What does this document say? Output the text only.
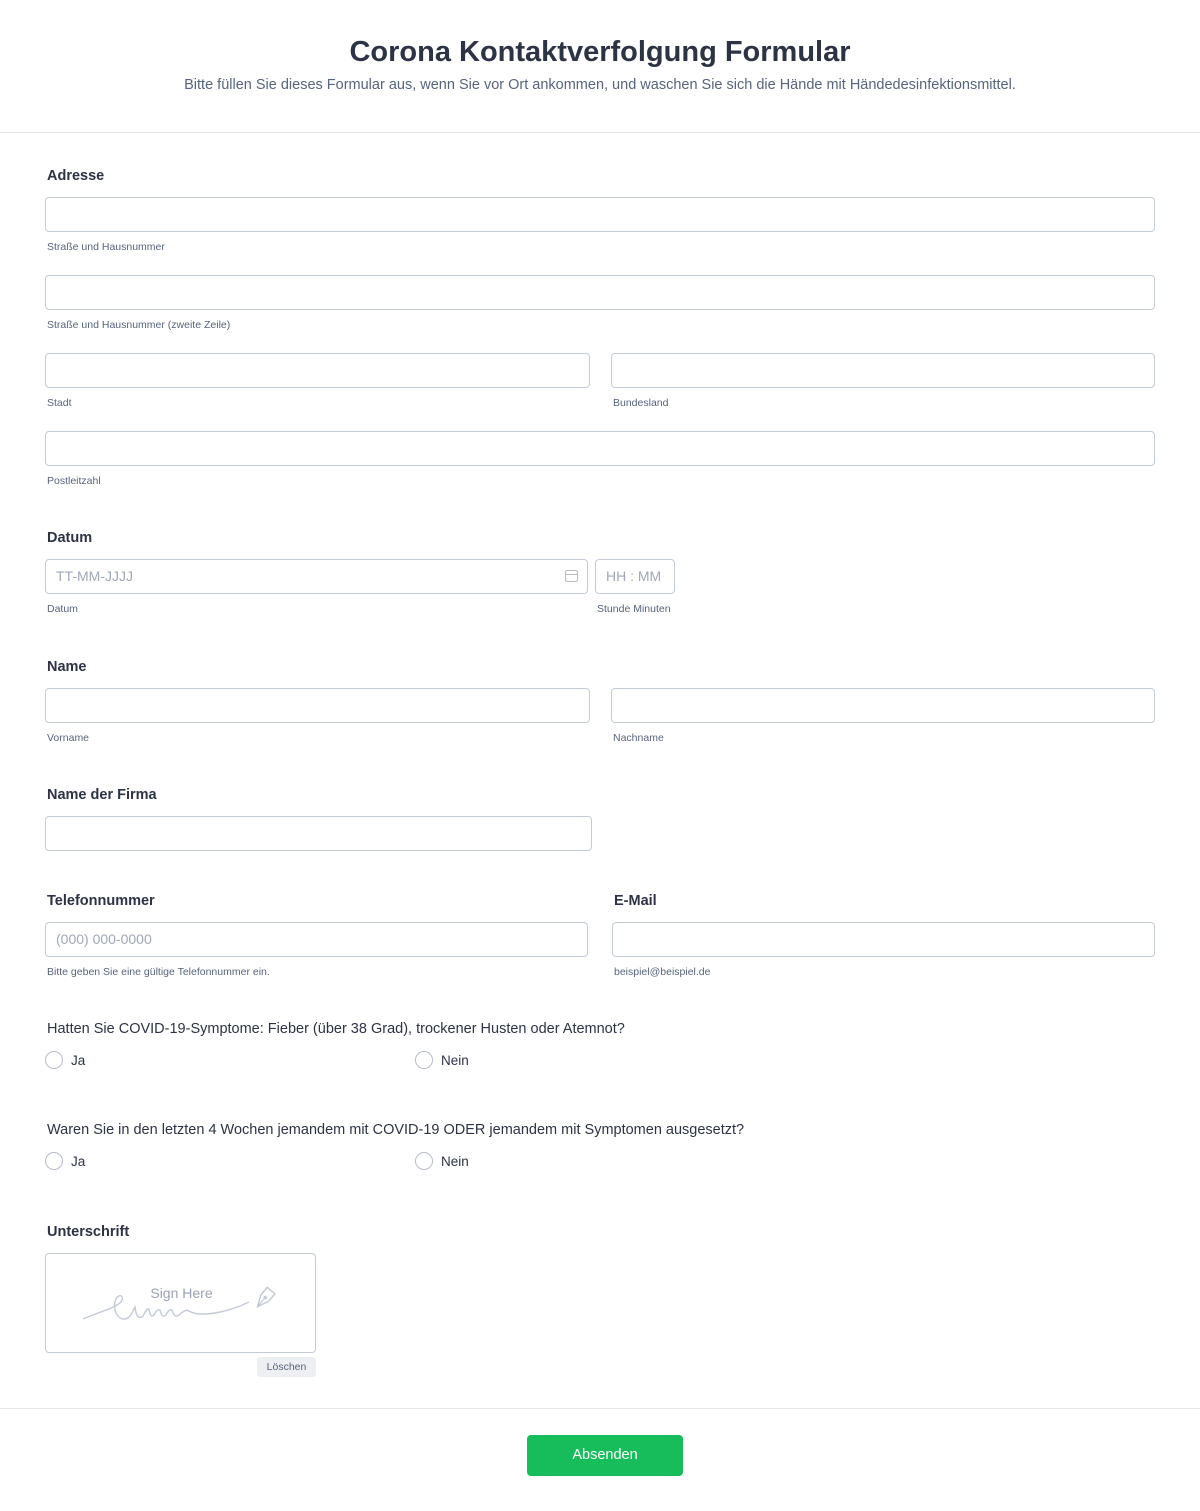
Corona Kontaktverfolgung Formular

Bitte füllen Sie dieses Formular aus, wenn Sie vor Ort ankommen, und waschen Sie sich die Hände mit Händedesinfektionsmittel.

Adresse
Straße und Hausnummer
Straße und Hausnummer (zweite Zeile)
Stadt	Bundesland
Postleitzahl
Datum
TT-MM-JJJJ
Datum
HH : MM
Stunde Minuten
Name
Vorname	Nachname
Name der Firma
Telefonnummer
(000) 000-0000
Bitte geben Sie eine gültige Telefonnummer ein.
E-Mail
beispiel@beispiel.de
Hatten Sie COVID-19-Symptome: Fieber (über 38 Grad), trockener Husten oder Atemnot?
Ja	Nein
Waren Sie in den letzten 4 Wochen jemandem mit COVID-19 ODER jemandem mit Symptomen ausgesetzt?
Ja	Nein
Unterschrift
Sign Here
Löschen
Absenden
